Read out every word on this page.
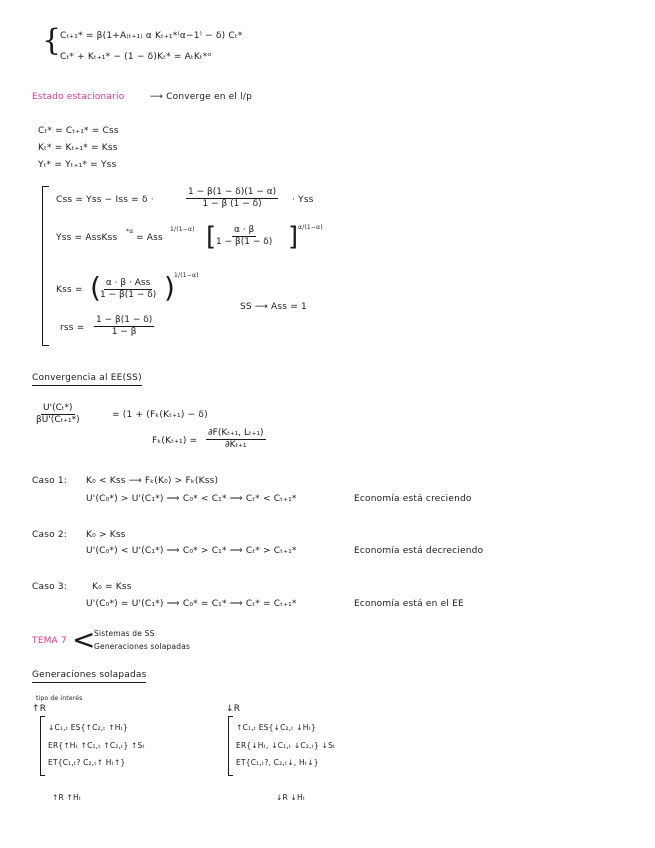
{
Cₜ₊₁* = β(1+A₍ₜ₊₁₎ α Kₜ₊₁*⁽α−1⁾ − δ) Cₜ*
Cₜ* + Kₜ₊₁* − (1 − δ)Kₜ* = AₜKₜ*ᵅ
Estado estacionario	⟶ Converge en el l/p
Cₜ* = Cₜ₊₁* = Css
Kₜ* = Kₜ₊₁* = Kss
Yₜ* = Yₜ₊₁* = Yss
Css = Yss − Iss = δ ·	$\frac{1 - \beta(1 - \delta)(1 - \alpha)}{1 - \beta (1 - \delta)}$ · Yss
Yss = AssKss
*α
= Ass
1/(1−α) [
$\frac{\alpha \cdot \beta}{1 - \beta(1 - \delta)}$ ] α/(1−α)
Kss = ( α · β · Ass
1 − β(1 − δ) )
1/(1−α)
SS ⟶ Ass = 1
rss = $\frac{1 - \beta(1 - \delta)}{1 - \beta}$
Convergencia al EE(SS)
$\frac{\text{U'(Cₜ*)}}{\text{βU'(Cₜ₊₁*)}}$	= (1 + (Fₖ(Kₜ₊₁) − δ)
$F_k(K_{t+1}) = \frac{\text{∂F(Kₜ₊₁, Lₜ₊₁)}}{\text{∂Kₜ₊₁}}$
Caso 1: K₀ < Kss ⟶ Fₖ(K₀) > Fₖ(Kss)
U'(C₀*) > U'(C₁*) ⟹ C₀* < C₁* ⟹ Cₜ* < Cₜ₊₁*	Economía está creciendo
Caso 2: K₀ > Kss
U'(C₀*) < U'(C₁*) ⟹ C₀* > C₁* ⟹ Cₜ* > Cₜ₊₁*	Economía está decreciendo
Caso 3:	K₀ = Kss
U'(C₀*) = U'(C₁*) ⟹ C₀* = C₁* ⟹ Cₜ* = Cₜ₊₁*	Economía está en el EE
TEMA 7 <
Sistemas de SS
Generaciones solapadas
Generaciones solapadas
tipo de interés
↑R
↓C₁,ₜ ES{↑C₂,ₜ ↑Hₜ}
ER{↑Hₜ ↑C₁,ₜ ↑C₂,ₜ} ↑Sₜ
ET{C₁,ₜ? C₂,ₜ↑ Hₜ↑}
↑R ↑Hₜ
↓R
↑C₁,ₜ ES{↓C₂,ₜ ↓Hₜ}
ER{↓Hₜ, ↓C₁,ₜ ↓C₂,ₜ} ↓Sₜ
ET{C₁,ₜ?, C₂,ₜ↓, Hₜ↓}
↓R ↓Hₜ
